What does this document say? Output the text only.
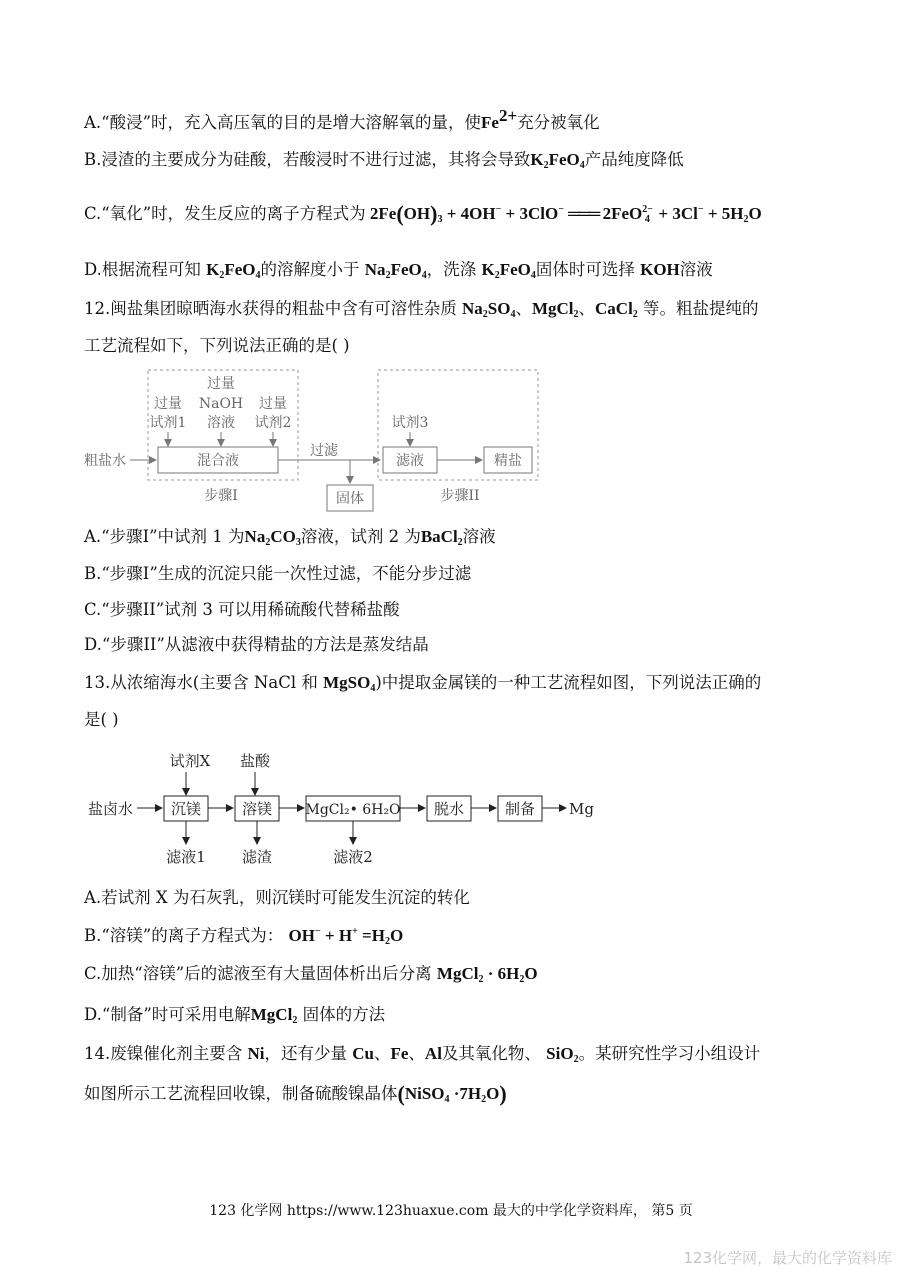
A.“酸浸”时，充入高压氧的目的是增大溶解氧的量，使$Fe^{2+}$充分被氧化
B.浸渣的主要成分为硅酸，若酸浸时不进行过滤，其将会导致$K_2FeO_4$产品纯度降低
C.“氧化”时，发生反应的离子方程式为 $2Fe(OH)_3 + 4OH^- + 3ClO^-$ ═══ $2FeO^{2-}_4 + 3Cl^- + 5H_2O$
D.根据流程可知 $K_2FeO_4$的溶解度小于 $Na_2FeO_4$，洗涤 $K_2FeO_4$固体时可选择 KOH溶液
12.闽盐集团晾晒海水获得的粗盐中含有可溶性杂质 $Na_2SO_4$、MgCl$_2$、CaCl$_2$ 等。粗盐提纯的
工艺流程如下，下列说法正确的是( )
过量
试剂1
过量
NaOH
溶液
过量
试剂2
粗盐水	混合液
过滤
固体
步骤I
试剂3
滤液	精盐
步骤II
A.“步骤I”中试剂 1 为$Na_2CO_3$溶液，试剂 2 为BaCl$_2$溶液
B.“步骤I”生成的沉淀只能一次性过滤，不能分步过滤
C.“步骤II”试剂 3 可以用稀硫酸代替稀盐酸
D.“步骤II”从滤液中获得精盐的方法是蒸发结晶
13.从浓缩海水(主要含 NaCl 和 MgSO$_4$)中提取金属镁的一种工艺流程如图，下列说法正确的
是( )
试剂X 盐酸
盐卤水	沉镁	溶镁 MgCl₂• 6H₂O 脱水	制备 Mg
滤液1 滤渣	滤液2
A.若试剂 X 为石灰乳，则沉镁时可能发生沉淀的转化
B.“溶镁”的离子方程式为： $OH^- + H^+ =H_2O$
C.加热“溶镁”后的滤液至有大量固体析出后分离 MgCl$_2$ · $6H_2O$
D.“制备”时可采用电解MgCl$_2$ 固体的方法
14.废镍催化剂主要含 Ni，还有少量 Cu、Fe、Al及其氧化物、 SiO$_2$。某研究性学习小组设计
如图所示工艺流程回收镍，制备硫酸镍晶体(NiSO$_4$ $\cdot 7H_2O$)
123 化学网 https://www.123huaxue.com 最大的中学化学资料库， 第5 页
123化学网，最大的化学资料库
